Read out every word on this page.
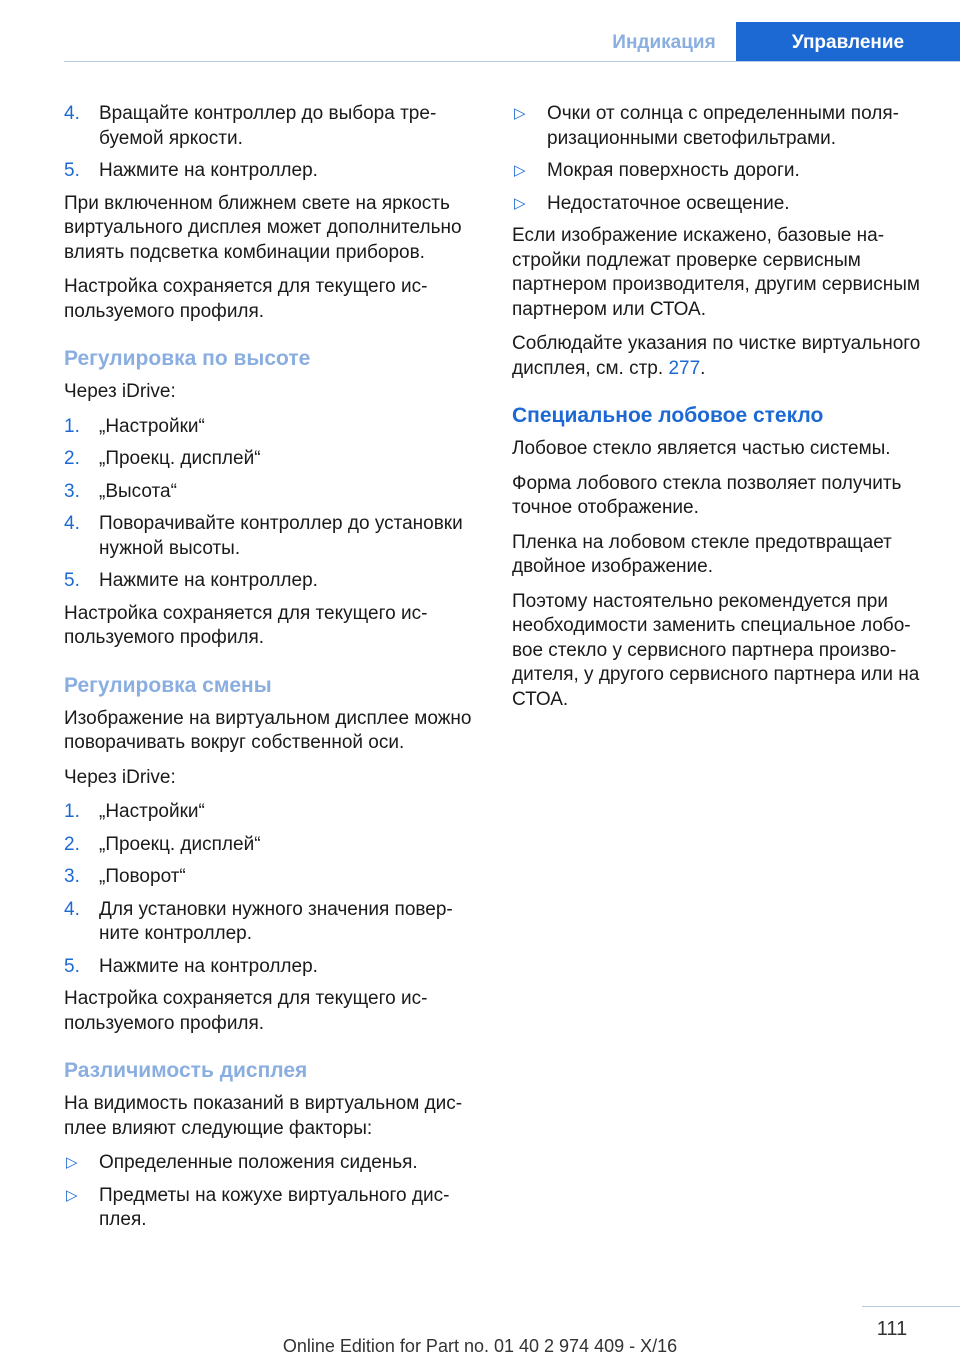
Индикация	Управление
4. Вращайте контроллер до выбора требуемой яркости.
5. Нажмите на контроллер.

При включенном ближнем свете на яркость виртуального дисплея может дополнительно влиять подсветка комбинации приборов.

Настройка сохраняется для текущего используемого профиля.

Регулировка по высоте

Через iDrive:

1. „Настройки“
2. „Проекц. дисплей“
3. „Высота“
4. Поворачивайте контроллер до установки нужной высоты.
5. Нажмите на контроллер.

Настройка сохраняется для текущего используемого профиля.

Регулировка смены

Изображение на виртуальном дисплее можно поворачивать вокруг собственной оси.

Через iDrive:

1. „Настройки“
2. „Проекц. дисплей“
3. „Поворот“
4. Для установки нужного значения поверните контроллер.
5. Нажмите на контроллер.

Настройка сохраняется для текущего используемого профиля.

Различимость дисплея

На видимость показаний в виртуальном дисплее влияют следующие факторы:

▷ Определенные положения сиденья.
▷ Предметы на кожухе виртуального дисплея.
▷ Очки от солнца с определенными поляризационными светофильтрами.
▷ Мокрая поверхность дороги.
▷ Недостаточное освещение.

Если изображение искажено, базовые настройки подлежат проверке сервисным партнером производителя, другим сервисным партнером или СТОА.

Соблюдайте указания по чистке виртуального дисплея, см. стр. 277.

Специальное лобовое стекло

Лобовое стекло является частью системы.

Форма лобового стекла позволяет получить точное отображение.

Пленка на лобовом стекле предотвращает двойное изображение.

Поэтому настоятельно рекомендуется при необходимости заменить специальное лобовое стекло у сервисного партнера производителя, у другого сервисного партнера или на СТОА.

111
Online Edition for Part no. 01 40 2 974 409 - X/16
